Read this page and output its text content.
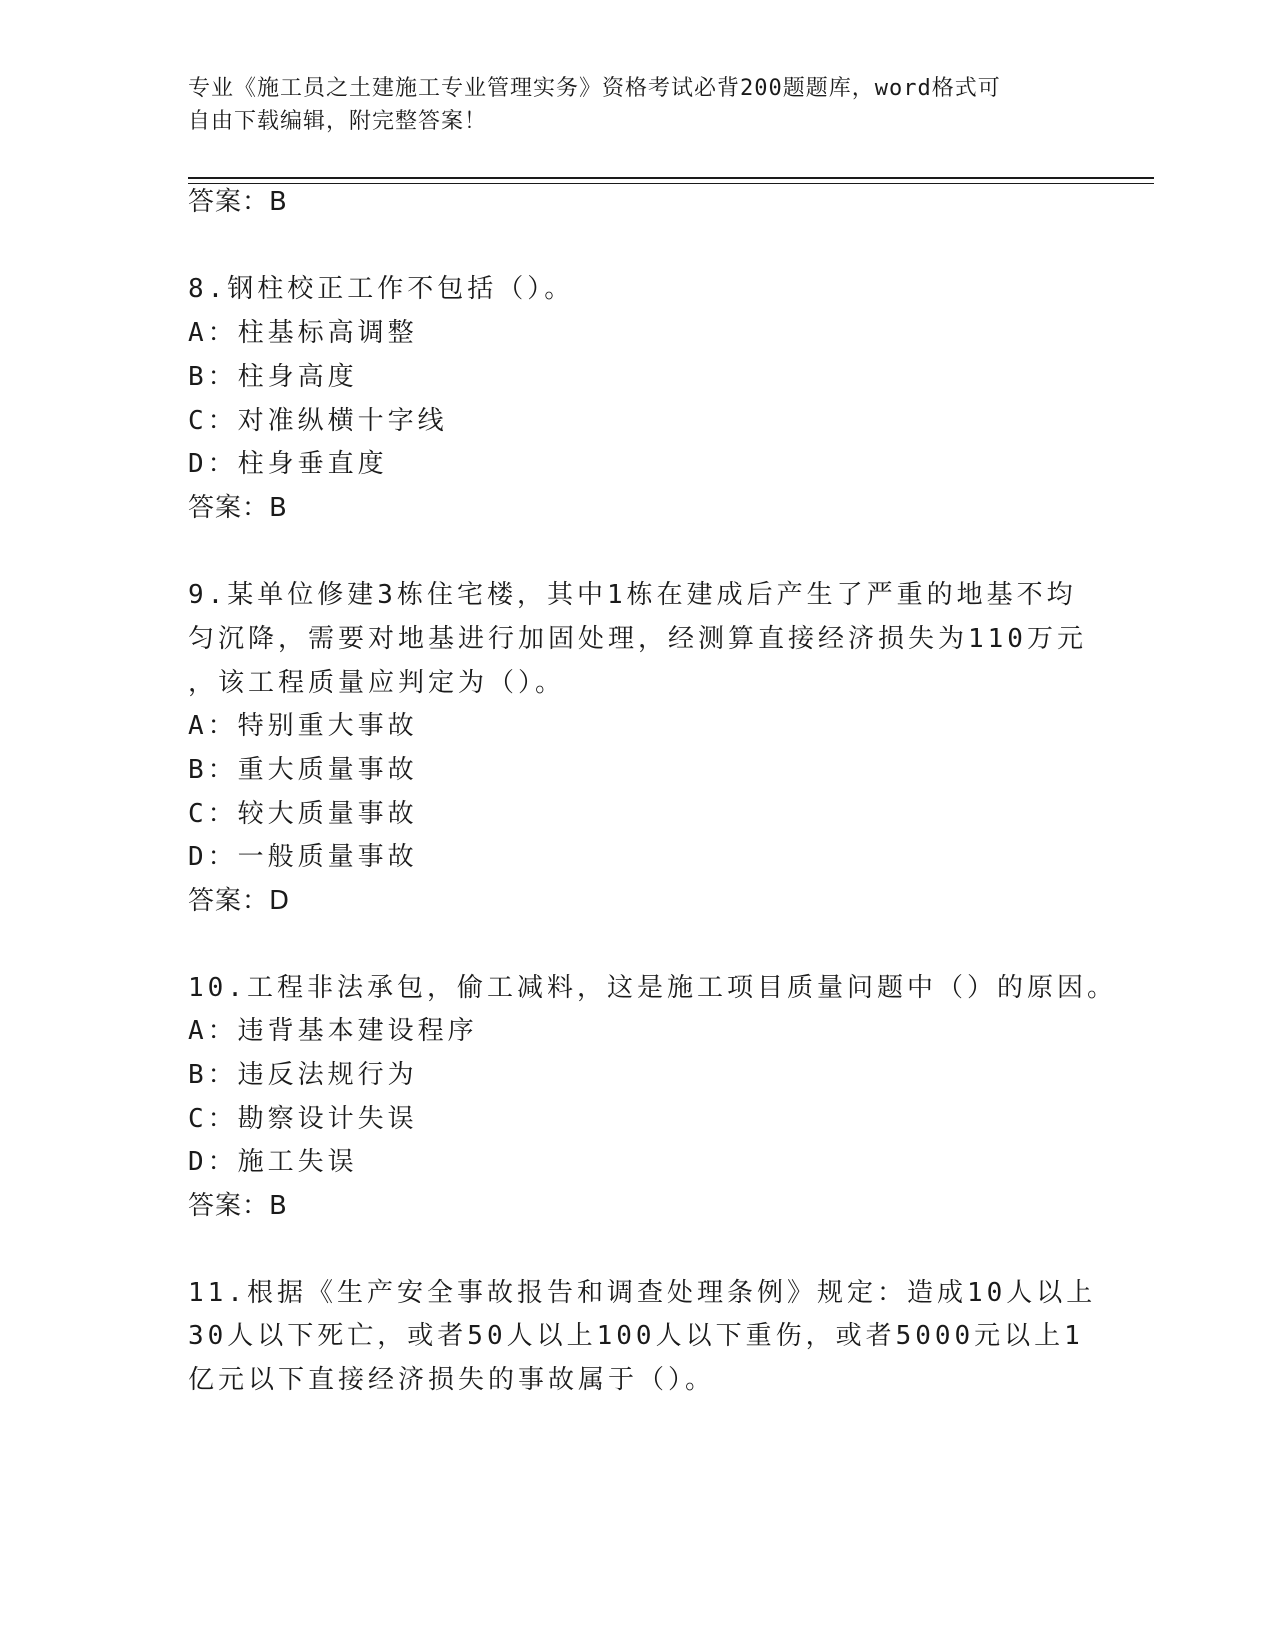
专业《施工员之土建施工专业管理实务》资格考试必背200题题库，word格式可
自由下载编辑，附完整答案！
答案：B
8.钢柱校正工作不包括（）。
A：柱基标高调整
B：柱身高度
C：对准纵横十字线
D：柱身垂直度
答案：B
9.某单位修建3栋住宅楼，其中1栋在建成后产生了严重的地基不均
匀沉降，需要对地基进行加固处理，经测算直接经济损失为110万元
，该工程质量应判定为（）。
A：特别重大事故
B：重大质量事故
C：较大质量事故
D：一般质量事故
答案：D
10.工程非法承包，偷工减料，这是施工项目质量问题中（）的原因。
A：违背基本建设程序
B：违反法规行为
C：勘察设计失误
D：施工失误
答案：B
11.根据《生产安全事故报告和调查处理条例》规定：造成10人以上
30人以下死亡，或者50人以上100人以下重伤，或者5000元以上1
亿元以下直接经济损失的事故属于（）。
